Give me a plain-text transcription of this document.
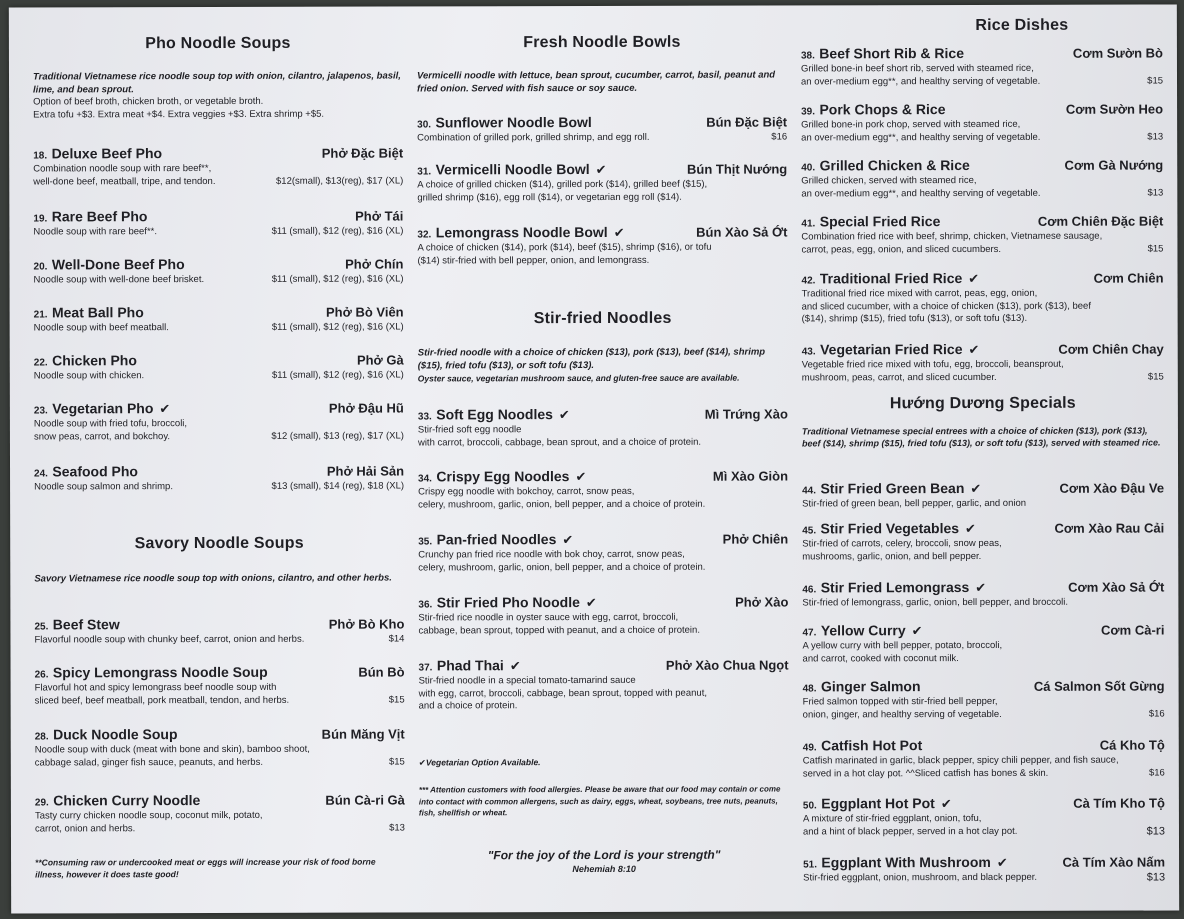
Pho Noodle Soups
Traditional Vietnamese rice noodle soup top with onion, cilantro, jalapenos, basil, lime, and bean sprout.
Option of beef broth, chicken broth, or vegetable broth.
Extra tofu +$3. Extra meat +$4. Extra veggies +$3. Extra shrimp +$5.
18. Deluxe Beef Pho	Phở Đặc Biệt
Combination noodle soup with rare beef**,
well-done beef, meatball, tripe, and tendon.	$12(small), $13(reg), $17 (XL)
19. Rare Beef Pho	Phở Tái
Noodle soup with rare beef**.	$11 (small), $12 (reg), $16 (XL)
20. Well-Done Beef Pho	Phở Chín
Noodle soup with well-done beef brisket.	$11 (small), $12 (reg), $16 (XL)
21. Meat Ball Pho	Phở Bò Viên
Noodle soup with beef meatball.	$11 (small), $12 (reg), $16 (XL)
22. Chicken Pho	Phở Gà
Noodle soup with chicken.	$11 (small), $12 (reg), $16 (XL)
23. Vegetarian Pho ✔	Phở Đậu Hũ
Noodle soup with fried tofu, broccoli,
snow peas, carrot, and bokchoy.	$12 (small), $13 (reg), $17 (XL)
24. Seafood Pho	Phở Hải Sản
Noodle soup salmon and shrimp.	$13 (small), $14 (reg), $18 (XL)
Savory Noodle Soups
Savory Vietnamese rice noodle soup top with onions, cilantro, and other herbs.
25. Beef Stew	Phở Bò Kho
Flavorful noodle soup with chunky beef, carrot, onion and herbs.	$14
26. Spicy Lemongrass Noodle Soup	Bún Bò
Flavorful hot and spicy lemongrass beef noodle soup with
sliced beef, beef meatball, pork meatball, tendon, and herbs.	$15
28. Duck Noodle Soup	Bún Măng Vịt
Noodle soup with duck (meat with bone and skin), bamboo shoot,
cabbage salad, ginger fish sauce, peanuts, and herbs.	$15
29. Chicken Curry Noodle	Bún Cà-ri Gà
Tasty curry chicken noodle soup, coconut milk, potato,
carrot, onion and herbs.	$13
**Consuming raw or undercooked meat or eggs will increase your risk of food borne illness, however it does taste good!
Fresh Noodle Bowls
Vermicelli noodle with lettuce, bean sprout, cucumber, carrot, basil, peanut and fried onion. Served with fish sauce or soy sauce.
30. Sunflower Noodle Bowl	Bún Đặc Biệt
Combination of grilled pork, grilled shrimp, and egg roll.	$16
31. Vermicelli Noodle Bowl ✔	Bún Thịt Nướng
A choice of grilled chicken ($14), grilled pork ($14), grilled beef ($15),
grilled shrimp ($16), egg roll ($14), or vegetarian egg roll ($14).
32. Lemongrass Noodle Bowl ✔	Bún Xào Sả Ớt
A choice of chicken ($14), pork ($14), beef ($15), shrimp ($16), or tofu
($14) stir-fried with bell pepper, onion, and lemongrass.
Stir-fried Noodles
Stir-fried noodle with a choice of chicken ($13), pork ($13), beef ($14), shrimp ($15), fried tofu ($13), or soft tofu ($13).
Oyster sauce, vegetarian mushroom sauce, and gluten-free sauce are available.
33. Soft Egg Noodles ✔	Mì Trứng Xào
Stir-fried soft egg noodle
with carrot, broccoli, cabbage, bean sprout, and a choice of protein.
34. Crispy Egg Noodles ✔	Mì Xào Giòn
Crispy egg noodle with bokchoy, carrot, snow peas,
celery, mushroom, garlic, onion, bell pepper, and a choice of protein.
35. Pan-fried Noodles ✔	Phở Chiên
Crunchy pan fried rice noodle with bok choy, carrot, snow peas,
celery, mushroom, garlic, onion, bell pepper, and a choice of protein.
36. Stir Fried Pho Noodle ✔	Phở Xào
Stir-fried rice noodle in oyster sauce with egg, carrot, broccoli,
cabbage, bean sprout, topped with peanut, and a choice of protein.
37. Phad Thai ✔	Phở Xào Chua Ngọt
Stir-fried noodle in a special tomato-tamarind sauce
with egg, carrot, broccoli, cabbage, bean sprout, topped with peanut,
and a choice of protein.
✔Vegetarian Option Available.
*** Attention customers with food allergies. Please be aware that our food may contain or come into contact with common allergens, such as dairy, eggs, wheat, soybeans, tree nuts, peanuts, fish, shellfish or wheat.
"For the joy of the Lord is your strength"
Nehemiah 8:10
Rice Dishes
38. Beef Short Rib & Rice	Cơm Sườn Bò
Grilled bone-in beef short rib, served with steamed rice,
an over-medium egg**, and healthy serving of vegetable.	$15
39. Pork Chops & Rice	Cơm Sườn Heo
Grilled bone-in pork chop, served with steamed rice,
an over-medium egg**, and healthy serving of vegetable.	$13
40. Grilled Chicken & Rice	Cơm Gà Nướng
Grilled chicken, served with steamed rice,
an over-medium egg**, and healthy serving of vegetable.	$13
41. Special Fried Rice	Cơm Chiên Đặc Biệt
Combination fried rice with beef, shrimp, chicken, Vietnamese sausage,
carrot, peas, egg, onion, and sliced cucumbers.	$15
42. Traditional Fried Rice ✔	Cơm Chiên
Traditional fried rice mixed with carrot, peas, egg, onion,
and sliced cucumber, with a choice of chicken ($13), pork ($13), beef
($14), shrimp ($15), fried tofu ($13), or soft tofu ($13).
43. Vegetarian Fried Rice ✔	Cơm Chiên Chay
Vegetable fried rice mixed with tofu, egg, broccoli, beansprout,
mushroom, peas, carrot, and sliced cucumber.	$15
Hướng Dương Specials
Traditional Vietnamese special entrees with a choice of chicken ($13), pork ($13), beef ($14), shrimp ($15), fried tofu ($13), or soft tofu ($13), served with steamed rice.
44. Stir Fried Green Bean ✔	Cơm Xào Đậu Ve
Stir-fried of green bean, bell pepper, garlic, and onion
45. Stir Fried Vegetables ✔	Cơm Xào Rau Cải
Stir-fried of carrots, celery, broccoli, snow peas,
mushrooms, garlic, onion, and bell pepper.
46. Stir Fried Lemongrass ✔	Cơm Xào Sả Ớt
Stir-fried of lemongrass, garlic, onion, bell pepper, and broccoli.
47. Yellow Curry ✔	Cơm Cà-ri
A yellow curry with bell pepper, potato, broccoli,
and carrot, cooked with coconut milk.
48. Ginger Salmon	Cá Salmon Sốt Gừng
Fried salmon topped with stir-fried bell pepper,
onion, ginger, and healthy serving of vegetable.	$16
49. Catfish Hot Pot	Cá Kho Tộ
Catfish marinated in garlic, black pepper, spicy chili pepper, and fish sauce,
served in a hot clay pot. ^^Sliced catfish has bones & skin.	$16
50. Eggplant Hot Pot ✔	Cà Tím Kho Tộ
A mixture of stir-fried eggplant, onion, tofu,
and a hint of black pepper, served in a hot clay pot.	$13
51. Eggplant With Mushroom ✔	Cà Tím Xào Nấm
Stir-fried eggplant, onion, mushroom, and black pepper.	$13
